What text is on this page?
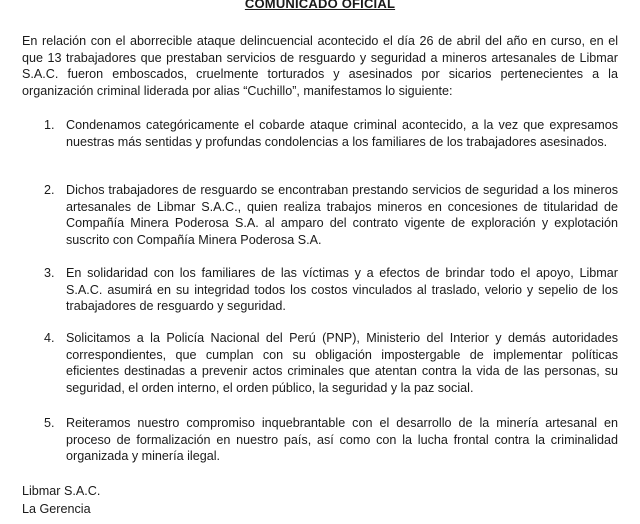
COMUNICADO OFICIAL
En relación con el aborrecible ataque delincuencial acontecido el día 26 de abril del año en curso, en el que 13 trabajadores que prestaban servicios de resguardo y seguridad a mineros artesanales de Libmar S.A.C. fueron emboscados, cruelmente torturados y asesinados por sicarios pertenecientes a la organización criminal liderada por alias “Cuchillo”, manifestamos lo siguiente:
1. Condenamos categóricamente el cobarde ataque criminal acontecido, a la vez que expresamos nuestras más sentidas y profundas condolencias a los familiares de los trabajadores asesinados.
2. Dichos trabajadores de resguardo se encontraban prestando servicios de seguridad a los mineros artesanales de Libmar S.A.C., quien realiza trabajos mineros en concesiones de titularidad de Compañía Minera Poderosa S.A. al amparo del contrato vigente de exploración y explotación suscrito con Compañía Minera Poderosa S.A.
3. En solidaridad con los familiares de las víctimas y a efectos de brindar todo el apoyo, Libmar S.A.C. asumirá en su integridad todos los costos vinculados al traslado, velorio y sepelio de los trabajadores de resguardo y seguridad.
4. Solicitamos a la Policía Nacional del Perú (PNP), Ministerio del Interior y demás autoridades correspondientes, que cumplan con su obligación impostergable de implementar políticas eficientes destinadas a prevenir actos criminales que atentan contra la vida de las personas, su seguridad, el orden interno, el orden público, la seguridad y la paz social.
5. Reiteramos nuestro compromiso inquebrantable con el desarrollo de la minería artesanal en proceso de formalización en nuestro país, así como con la lucha frontal contra la criminalidad organizada y minería ilegal.
Libmar S.A.C.
La Gerencia
